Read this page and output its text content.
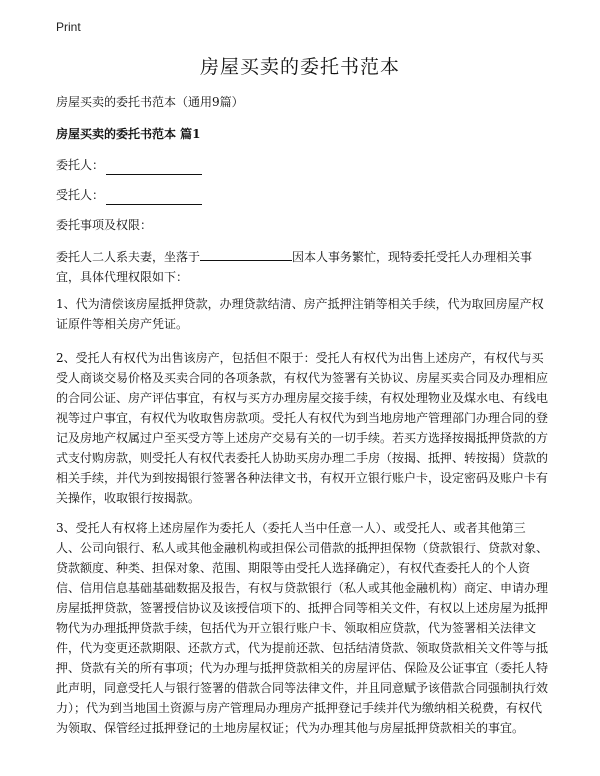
Print
房屋买卖的委托书范本
房屋买卖的委托书范本（通用9篇）
房屋买卖的委托书范本 篇1
委托人：
受托人：
委托事项及权限：
委托人二人系夫妻，坐落于	因本人事务繁忙，现特委托受托人办理相关事宜，具体代理权限如下：
1、代为清偿该房屋抵押贷款，办理贷款结清、房产抵押注销等相关手续，代为取回房屋产权证原件等相关房产凭证。
2、受托人有权代为出售该房产，包括但不限于：受托人有权代为出售上述房产，有权代与买受人商谈交易价格及买卖合同的各项条款，有权代为签署有关协议、房屋买卖合同及办理相应的合同公证、房产评估事宜，有权与买方办理房屋交接手续，有权处理物业及煤水电、有线电视等过户事宜，有权代为收取售房款项。受托人有权代为到当地房地产管理部门办理合同的登记及房地产权属过户至买受方等上述房产交易有关的一切手续。若买方选择按揭抵押贷款的方式支付购房款，则受托人有权代表委托人协助买房办理二手房（按揭、抵押、转按揭）贷款的相关手续，并代为到按揭银行签署各种法律文书，有权开立银行账户卡，设定密码及账户卡有关操作，收取银行按揭款。
3、受托人有权将上述房屋作为委托人（委托人当中任意一人）、或受托人、或者其他第三人、公司向银行、私人或其他金融机构或担保公司借款的抵押担保物（贷款银行、贷款对象、贷款额度、种类、担保对象、范围、期限等由受托人选择确定），有权代查委托人的个人资信、信用信息基础基础数据及报告，有权与贷款银行（私人或其他金融机构）商定、申请办理房屋抵押贷款，签署授信协议及该授信项下的、抵押合同等相关文件，有权以上述房屋为抵押物代为办理抵押贷款手续，包括代为开立银行账户卡、领取相应贷款，代为签署相关法律文件，代为变更还款期限、还款方式，代为提前还款、包括结清贷款、领取贷款相关文件等与抵押、贷款有关的所有事项；代为办理与抵押贷款相关的房屋评估、保险及公证事宜（委托人特此声明，同意受托人与银行签署的借款合同等法律文件，并且同意赋予该借款合同强制执行效力）；代为到当地国土资源与房产管理局办理房产抵押登记手续并代为缴纳相关税费，有权代为领取、保管经过抵押登记的土地房屋权证；代为办理其他与房屋抵押贷款相关的事宜。
